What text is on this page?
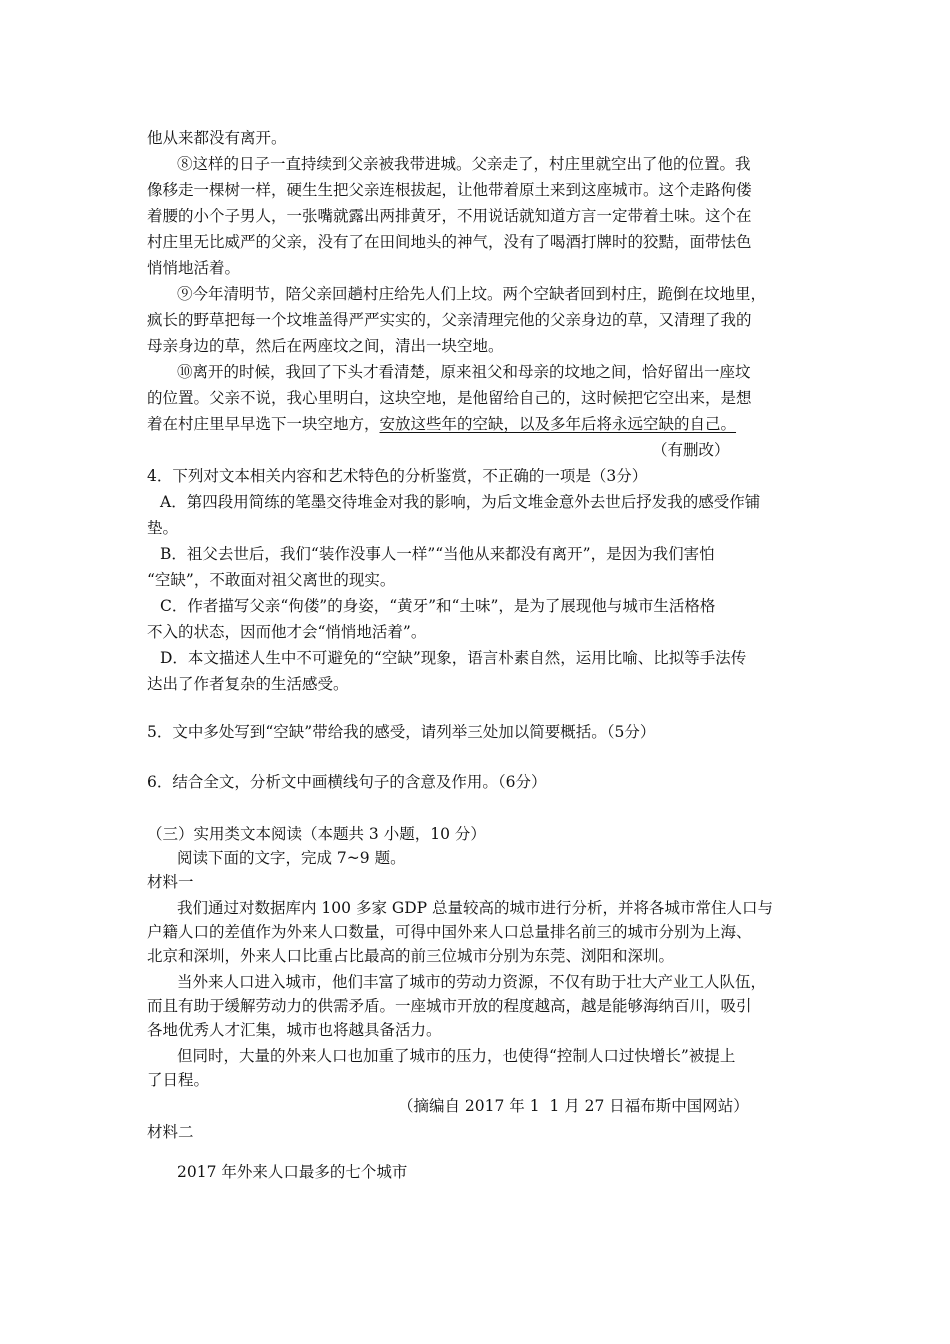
他从来都没有离开。
⑧这样的日子一直持续到父亲被我带进城。父亲走了，村庄里就空出了他的位置。我
像移走一棵树一样，硬生生把父亲连根拔起，让他带着原土来到这座城市。这个走路佝偻
着腰的小个子男人，一张嘴就露出两排黄牙，不用说话就知道方言一定带着土味。这个在
村庄里无比威严的父亲，没有了在田间地头的神气，没有了喝酒打牌时的狡黠，面带怯色
悄悄地活着。
⑨今年清明节，陪父亲回趟村庄给先人们上坟。两个空缺者回到村庄，跪倒在坟地里，
疯长的野草把每一个坟堆盖得严严实实的，父亲清理完他的父亲身边的草，又清理了我的
母亲身边的草，然后在两座坟之间，清出一块空地。
⑩离开的时候，我回了下头才看清楚，原来祖父和母亲的坟地之间，恰好留出一座坟
的位置。父亲不说，我心里明白，这块空地，是他留给自己的，这时候把它空出来，是想
着在村庄里早早选下一块空地方，安放这些年的空缺，以及多年后将永远空缺的自己。
（有删改）
4．下列对文本相关内容和艺术特色的分析鉴赏，不正确的一项是（3分）
A．第四段用简练的笔墨交待堆金对我的影响，为后文堆金意外去世后抒发我的感受作铺
垫。
B．祖父去世后，我们“装作没事人一样”“当他从来都没有离开”，是因为我们害怕
“空缺”，不敢面对祖父离世的现实。
C．作者描写父亲“佝偻”的身姿，“黄牙”和“土味”，是为了展现他与城市生活格格
不入的状态，因而他才会“悄悄地活着”。
D．本文描述人生中不可避免的“空缺”现象，语言朴素自然，运用比喻、比拟等手法传
达出了作者复杂的生活感受。
5．文中多处写到“空缺”带给我的感受，请列举三处加以简要概括。（5分）
6．结合全文，分析文中画横线句子的含意及作用。（6分）
（三）实用类文本阅读（本题共 3 小题，10 分）
阅读下面的文字，完成 7~9 题。
材料一
我们通过对数据库内 100 多家 GDP 总量较高的城市进行分析，并将各城市常住人口与
户籍人口的差值作为外来人口数量，可得中国外来人口总量排名前三的城市分别为上海、
北京和深圳，外来人口比重占比最高的前三位城市分别为东莞、浏阳和深圳。
当外来人口进入城市，他们丰富了城市的劳动力资源，不仅有助于壮大产业工人队伍，
而且有助于缓解劳动力的供需矛盾。一座城市开放的程度越高，越是能够海纳百川，吸引
各地优秀人才汇集，城市也将越具备活力。
但同时，大量的外来人口也加重了城市的压力，也使得“控制人口过快增长”被提上
了日程。
（摘编自 2017 年 1  1 月 27 日福布斯中国网站）
材料二
2017 年外来人口最多的七个城市
